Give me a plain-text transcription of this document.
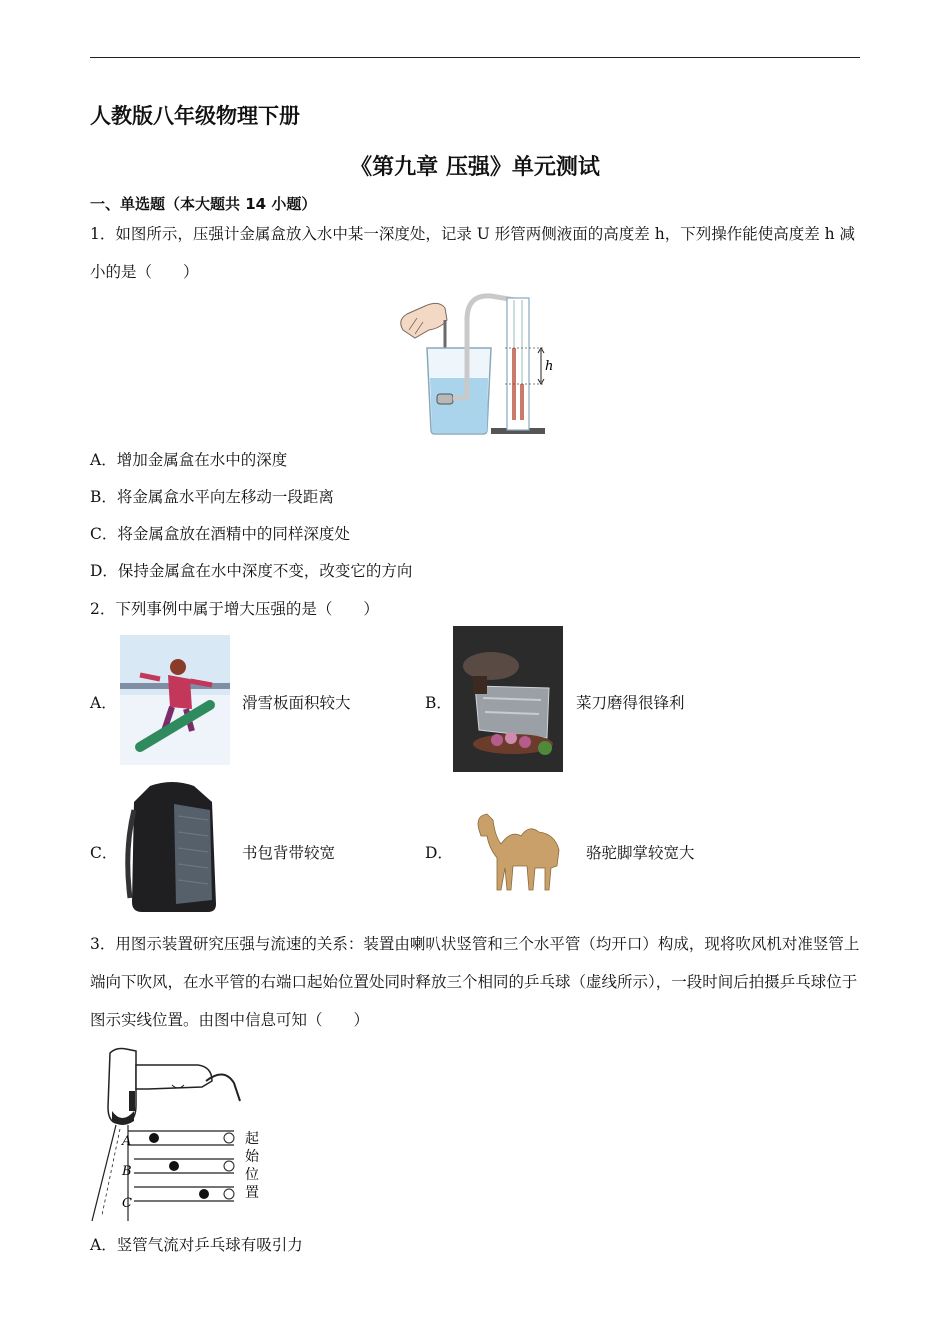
人教版八年级物理下册
《第九章 压强》单元测试
一、单选题（本大题共 14 小题）
1．如图所示，压强计金属盒放入水中某一深度处，记录 U 形管两侧液面的高度差 h，下列操作能使高度差 h 减小的是（　　）
h
A．增加金属盒在水中的深度
B．将金属盒水平向左移动一段距离
C．将金属盒放在酒精中的同样深度处
D．保持金属盒在水中深度不变，改变它的方向
2．下列事例中属于增大压强的是（　　）
A．	滑雪板面积较大	B．	菜刀磨得很锋利
C．	书包背带较宽	D．	骆驼脚掌较宽大
3．用图示装置研究压强与流速的关系：装置由喇叭状竖管和三个水平管（均开口）构成，现将吹风机对准竖管上端向下吹风，在水平管的右端口起始位置处同时释放三个相同的乒乓球（虚线所示），一段时间后拍摄乒乓球位于图示实线位置。由图中信息可知（　　）
A
B
C
起
始
位
置
A．竖管气流对乒乓球有吸引力
